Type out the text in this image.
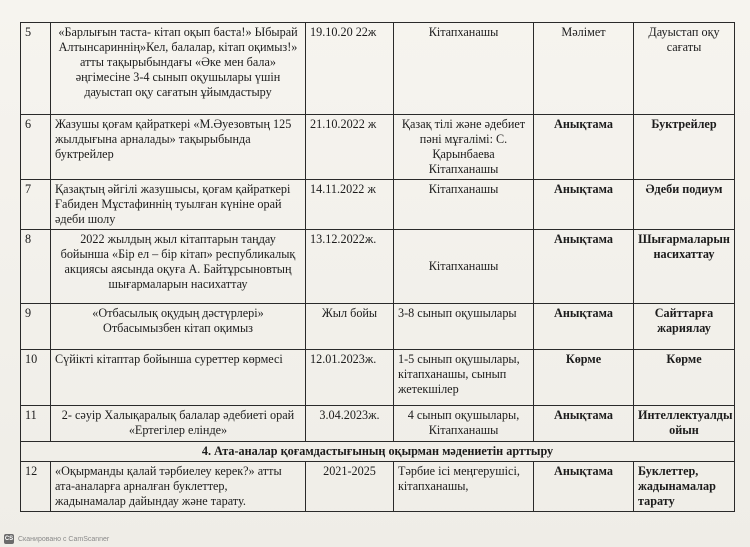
5	«Барлығын таста- кітап оқып баста!» Ыбырай Алтынсариннің»Кел, балалар, кітап оқимыз!» атты тақырыбындағы «Әке мен бала» әңгімесіне 3-4 сынып оқушылары үшін дауыстап оқу сағатын ұйымдастыру	19.10.20 22ж	Кітапханашы	Мәлімет	Дауыстап оқу сағаты
6	Жазушы қоғам қайраткері «М.Әуезовтың 125 жылдығына арналады» тақырыбында буктрейлер	21.10.2022 ж	Қазақ тілі және әдебиет пәні мұғалімі: С. Қарынбаева Кітапханашы	Анықтама	Буктрейлер
7	Қазақтың әйгілі жазушысы, қоғам қайраткері Ғабиден Мұстафиннің туылған күніне орай әдеби шолу	14.11.2022 ж	Кітапханашы	Анықтама	Әдеби подиум
8	2022 жылдың жыл кітаптарын таңдау бойынша «Бір ел – бір кітап» республикалық акциясы аясында оқуға А. Байтұрсыновтың шығармаларын насихаттау	13.12.2022ж.	Кітапханашы	Анықтама	Шығармаларын насихаттау
9	«Отбасылық оқудың дәстүрлері» Отбасымызбен кітап оқимыз	Жыл бойы	3-8 сынып оқушылары	Анықтама	Сайттарға жариялау
10	Сүйікті кітаптар бойынша суреттер көрмесі	12.01.2023ж.	1-5 сынып оқушылары, кітапханашы, сынып жетекшілер	Көрме	Көрме
11	2- сәуір Халықаралық балалар әдебиеті орай «Ертегілер елінде»	3.04.2023ж.	4 сынып оқушылары, Кітапханашы	Анықтама	Интеллектуалды ойын
4. Ата-аналар қоғамдастығының оқырман мәдениетін арттыру					
12	«Оқырманды қалай тәрбиелеу керек?» атты ата-аналарға арналған буклеттер, жадынамалар дайындау және тарату.	2021-2025	Тәрбие ісі меңгерушісі, кітапханашы,	Анықтама	Буклеттер, жадынамалар тарату
CS Сканировано с CamScanner
